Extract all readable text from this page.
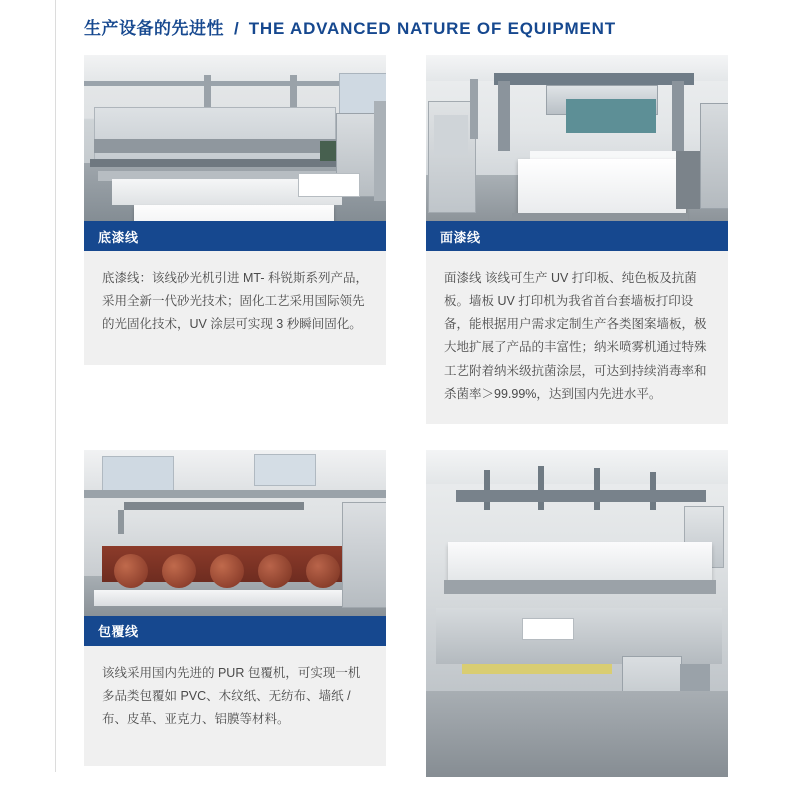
生产设备的先进性 / THE ADVANCED NATURE OF EQUIPMENT
底漆线
底漆线：该线砂光机引进 MT- 科锐斯系列产品，采用全新一代砂光技术；固化工艺采用国际领先的光固化技术，UV 涂层可实现 3 秒瞬间固化。
面漆线
面漆线 该线可生产 UV 打印板、纯色板及抗菌板。墙板 UV 打印机为我省首台套墙板打印设备，能根据用户需求定制生产各类图案墙板，极大地扩展了产品的丰富性；纳米喷雾机通过特殊工艺附着纳米级抗菌涂层，可达到持续消毒率和杀菌率＞99.99%，达到国内先进水平。
包覆线
该线采用国内先进的 PUR 包覆机，可实现一机多品类包覆如 PVC、木纹纸、无纺布、墙纸 / 布、皮革、亚克力、铝膜等材料。
